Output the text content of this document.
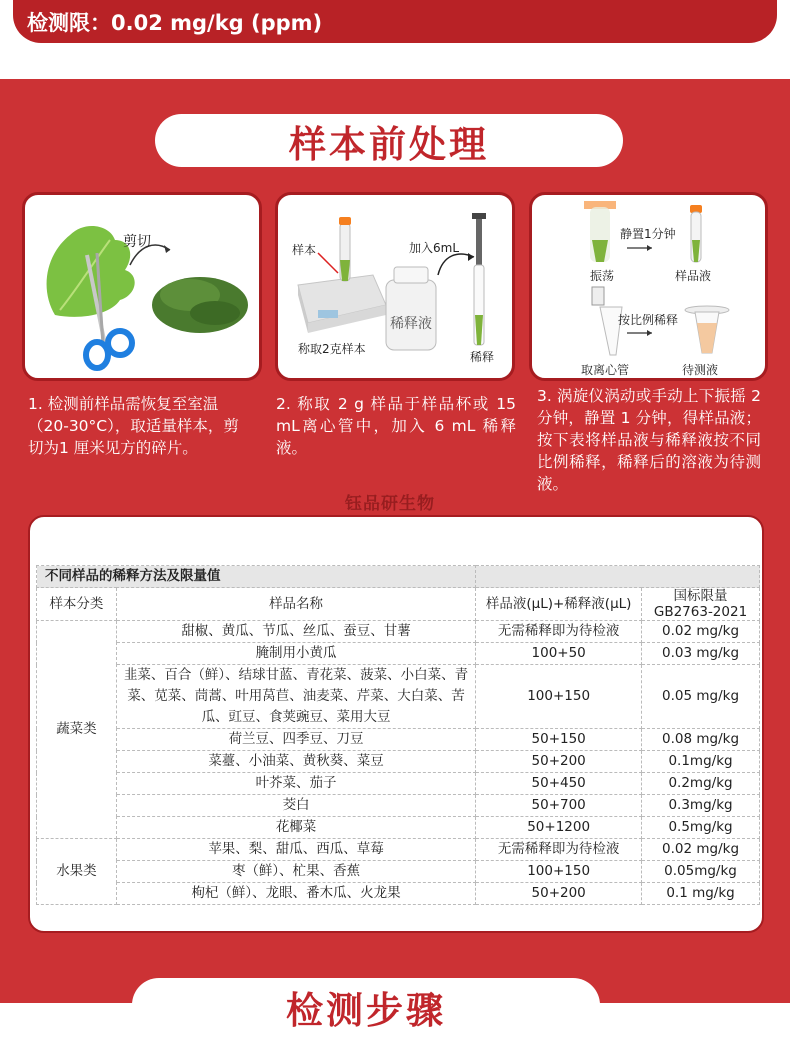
检测限：0.02 mg/kg (ppm)
样本前处理
剪切	样本	加入6mL
称取2克样本
稀释液
稀释
静置1分钟
振荡	样品液
按比例稀释
取离心管	待测液
1. 检测前样品需恢复至室温（20-30°C），取适量样本，剪切为1 厘米见方的碎片。
2. 称取 2 g 样品于样品杯或 15 mL离心管中，加入 6 mL 稀释液。
3. 涡旋仪涡动或手动上下振摇 2 分钟，静置 1 分钟，得样品液；按下表将样品液与稀释液按不同比例稀释，稀释后的溶液为待测液。
钰品研生物
不同样品的稀释方法及限量值			
样本分类	样品名称	样品液(μL)+稀释液(μL)	国标限量
GB2763-2021
蔬菜类	甜椒、黄瓜、节瓜、丝瓜、蚕豆、甘薯	无需稀释即为待检液	0.02 mg/kg
	腌制用小黄瓜	100+50	0.03 mg/kg
	韭菜、百合（鲜）、结球甘蓝、青花菜、菠菜、小白菜、青菜、苋菜、茼蒿、叶用莴苣、油麦菜、芹菜、大白菜、苦瓜、豇豆、食荚豌豆、菜用大豆	100+150	0.05 mg/kg
	荷兰豆、四季豆、刀豆	50+150	0.08 mg/kg
	菜薹、小油菜、黄秋葵、菜豆	50+200	0.1mg/kg
	叶芥菜、茄子	50+450	0.2mg/kg
	茭白	50+700	0.3mg/kg
	花椰菜	50+1200	0.5mg/kg
水果类	苹果、梨、甜瓜、西瓜、草莓	无需稀释即为待检液	0.02 mg/kg
	枣（鲜）、杧果、香蕉	100+150	0.05mg/kg
	枸杞（鲜）、龙眼、番木瓜、火龙果	50+200	0.1 mg/kg
检测步骤
